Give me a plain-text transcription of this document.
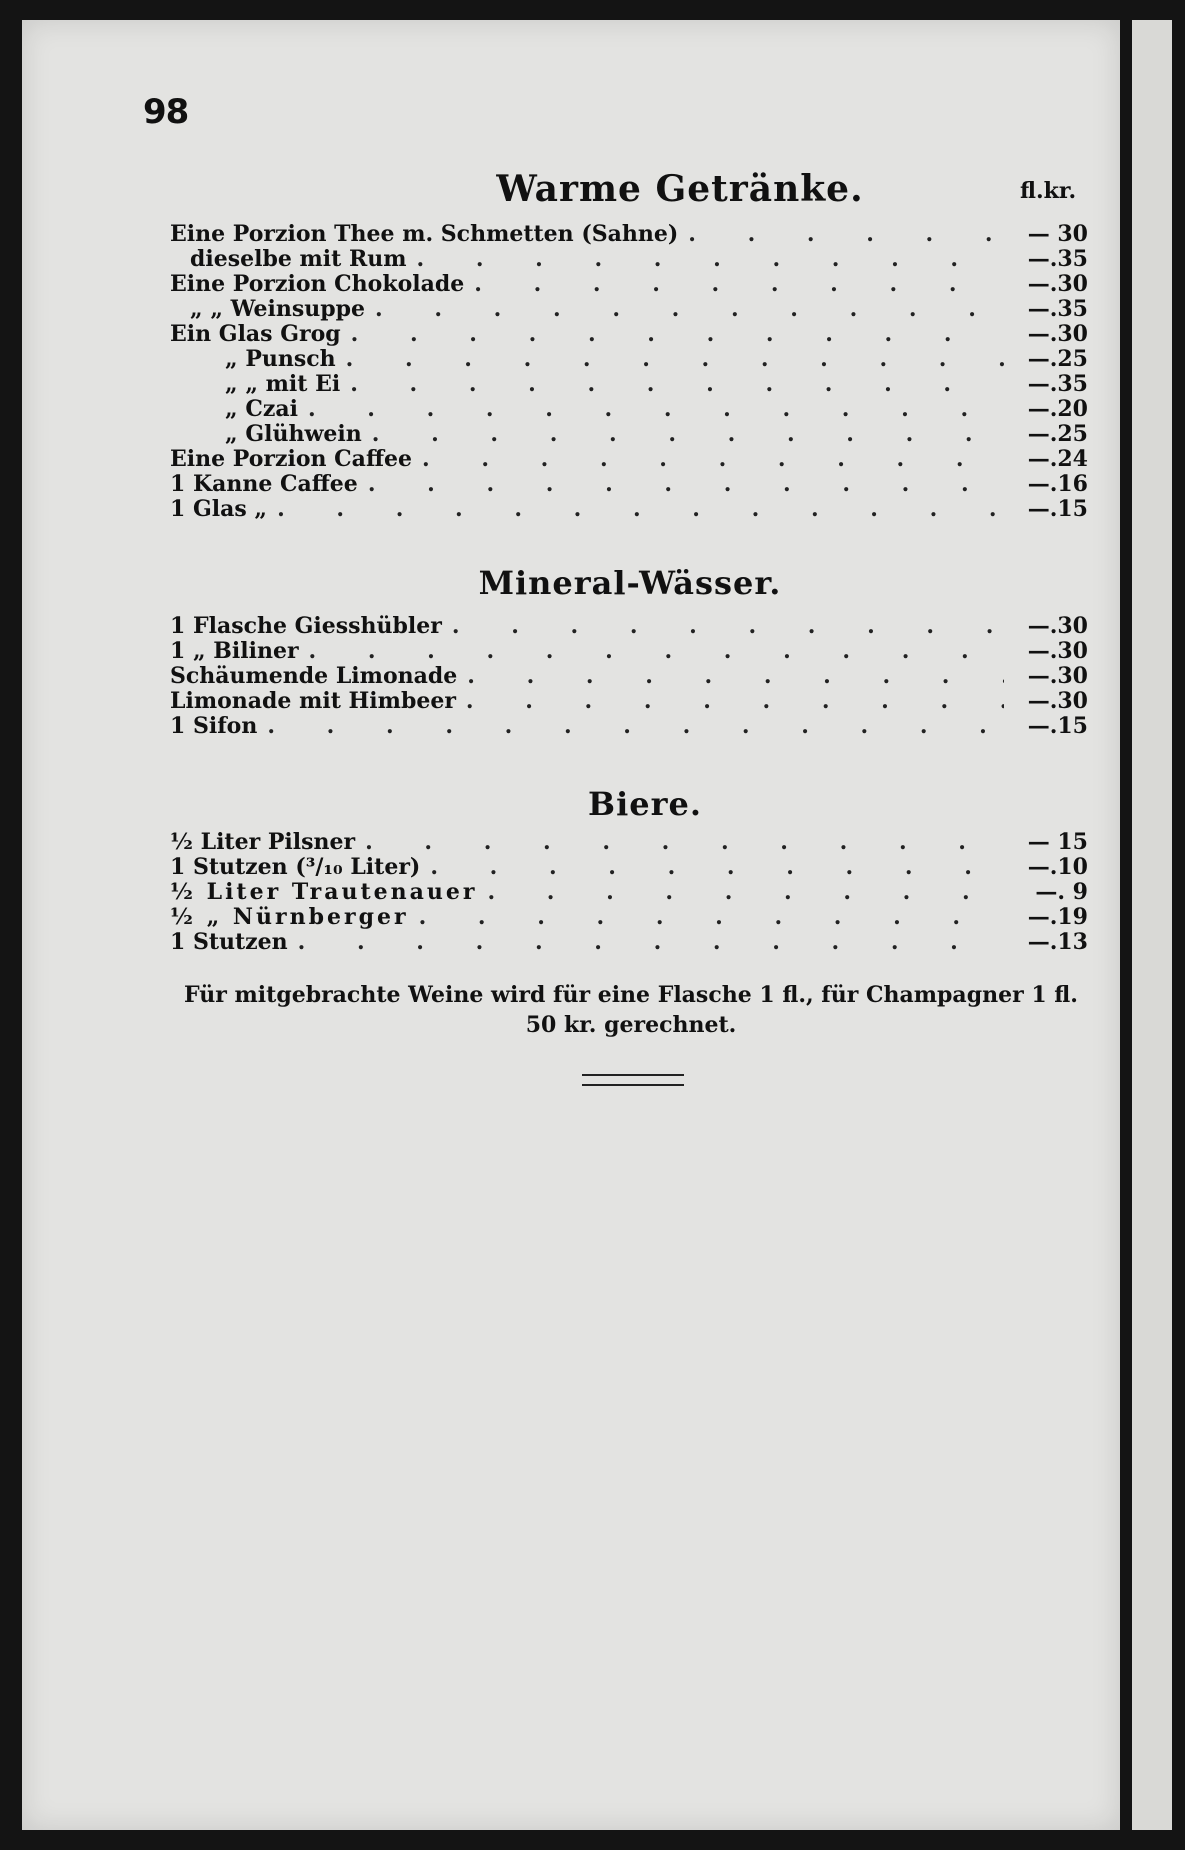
98
Warme Getränke.	fl.kr.
Eine Porzion Thee m. Schmetten (Sahne) . . .	— 30
dieselbe mit Rum . . .	—.35
Eine Porzion Chokolade . . .	—.30
„ „ Weinsuppe . . .	—.35
Ein Glas Grog . . .	—.30
„ Punsch . . .	—.25
„ „ mit Ei . . .	—.35
„ Czai . . .	—.20
„ Glühwein . . .	—.25
Eine Porzion Caffee . . .	—.24
1 Kanne Caffee . . .	—.16
1 Glas „ . . .	—.15
Mineral-Wässer.
1 Flasche Giesshübler . . .	—.30
1 „ Biliner . . .	—.30
Schäumende Limonade . . .	—.30
Limonade mit Himbeer . . .	—.30
1 Sifon . . .	—.15
Biere.
½ Liter Pilsner . . .	— 15
1 Stutzen (³/₁₀ Liter) . . .	—.10
½ Liter Trautenauer . . .	—. 9
½ „ Nürnberger . . .	—.19
1 Stutzen . . .	—.13
Für mitgebrachte Weine wird für eine Flasche 1 fl., für Champagner 1 fl. 50 kr. gerechnet.
